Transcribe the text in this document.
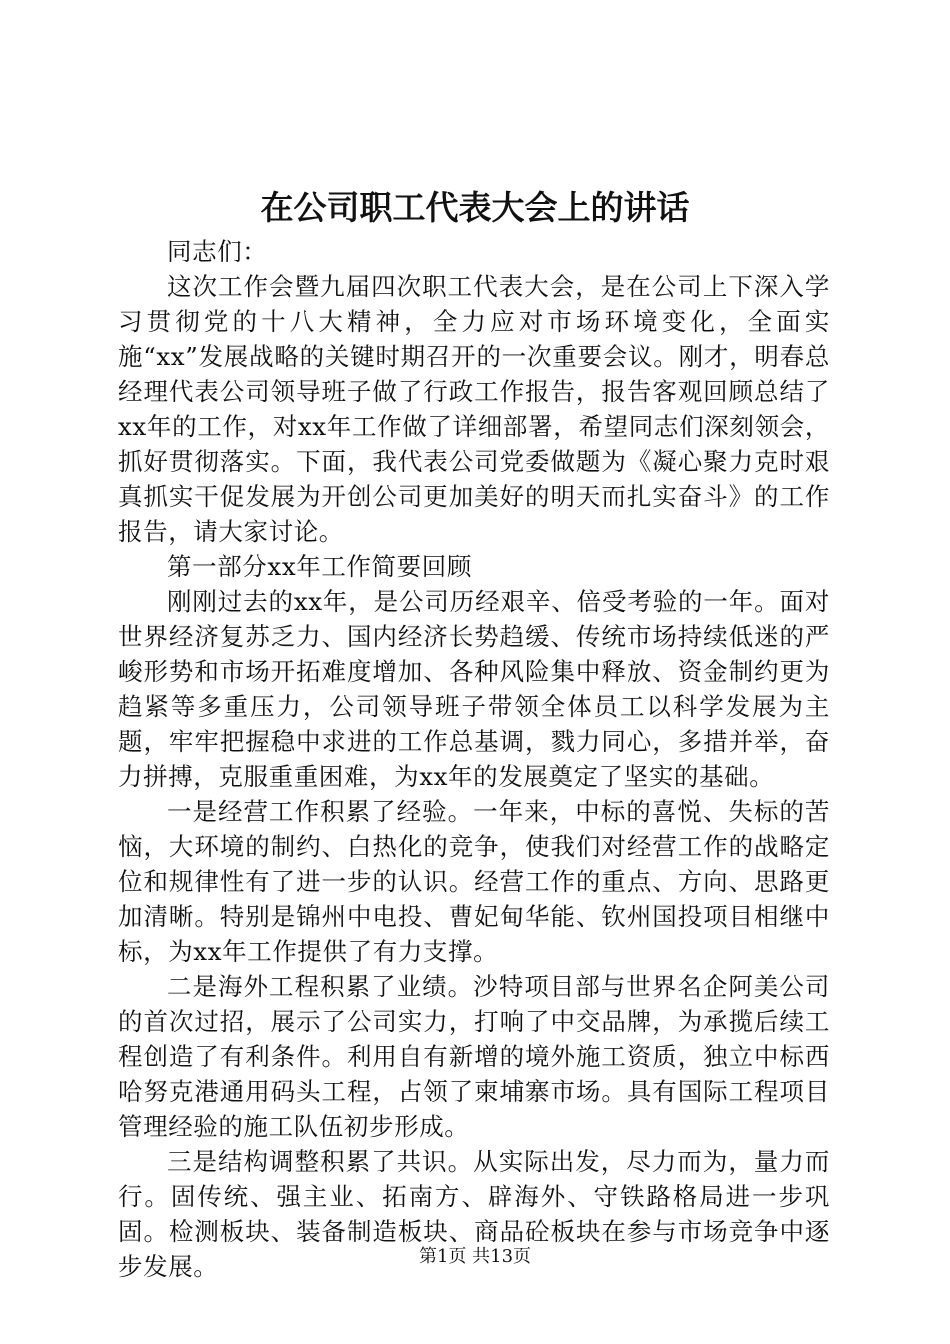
在公司职工代表大会上的讲话

同志们：

这次工作会暨九届四次职工代表大会，是在公司上下深入学习贯彻党的十八大精神，全力应对市场环境变化，全面实施“xx”发展战略的关键时期召开的一次重要会议。刚才，明春总经理代表公司领导班子做了行政工作报告，报告客观回顾总结了xx年的工作，对xx年工作做了详细部署，希望同志们深刻领会，抓好贯彻落实。下面，我代表公司党委做题为《凝心聚力克时艰真抓实干促发展为开创公司更加美好的明天而扎实奋斗》的工作报告，请大家讨论。

第一部分xx年工作简要回顾

刚刚过去的xx年，是公司历经艰辛、倍受考验的一年。面对世界经济复苏乏力、国内经济长势趋缓、传统市场持续低迷的严峻形势和市场开拓难度增加、各种风险集中释放、资金制约更为趋紧等多重压力，公司领导班子带领全体员工以科学发展为主题，牢牢把握稳中求进的工作总基调，戮力同心，多措并举，奋力拼搏，克服重重困难，为xx年的发展奠定了坚实的基础。

一是经营工作积累了经验。一年来，中标的喜悦、失标的苦恼，大环境的制约、白热化的竞争，使我们对经营工作的战略定位和规律性有了进一步的认识。经营工作的重点、方向、思路更加清晰。特别是锦州中电投、曹妃甸华能、钦州国投项目相继中标，为xx年工作提供了有力支撑。

二是海外工程积累了业绩。沙特项目部与世界名企阿美公司的首次过招，展示了公司实力，打响了中交品牌，为承揽后续工程创造了有利条件。利用自有新增的境外施工资质，独立中标西哈努克港通用码头工程，占领了柬埔寨市场。具有国际工程项目管理经验的施工队伍初步形成。

三是结构调整积累了共识。从实际出发，尽力而为，量力而行。固传统、强主业、拓南方、辟海外、守铁路格局进一步巩固。检测板块、装备制造板块、商品砼板块在参与市场竞争中逐步发展。	第1页 共13页
